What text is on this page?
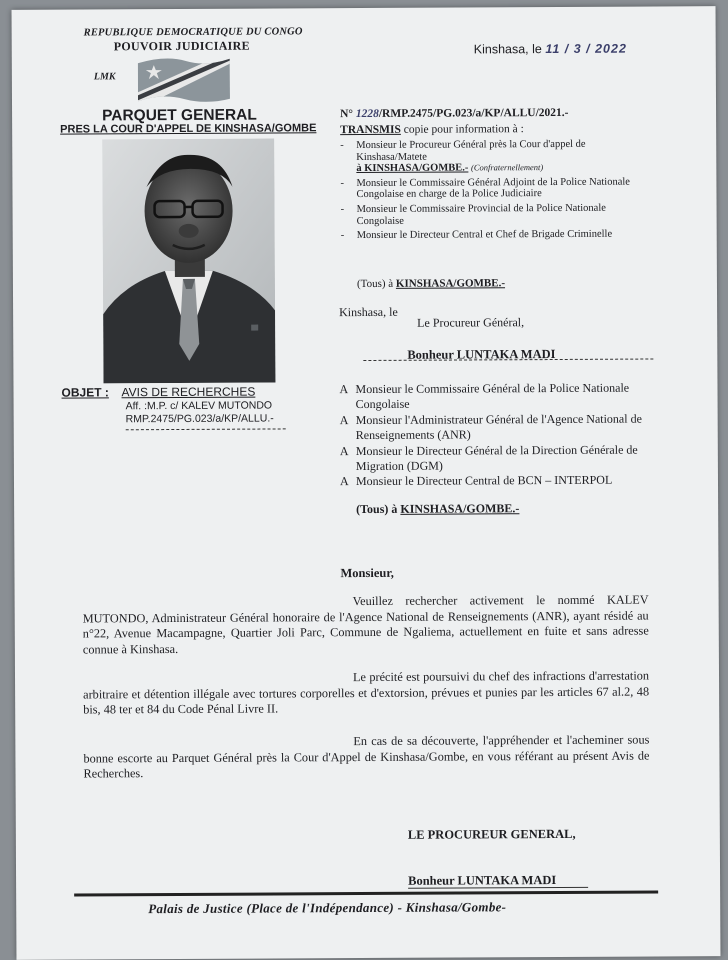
REPUBLIQUE DEMOCRATIQUE DU CONGO
POUVOIR JUDICIAIRE
LMK
Kinshasa, le 11 / 3 / 2022
PARQUET GENERAL
PRES LA COUR D'APPEL DE KINSHASA/GOMBE
N° 1228/RMP.2475/PG.023/a/KP/ALLU/2021.-
TRANSMIS copie pour information à :
- Monsieur le Procureur Général près la Cour d'appel de Kinshasa/Matete
à KINSHASA/GOMBE.- (Confraternellement)
- Monsieur le Commissaire Général Adjoint de la Police Nationale Congolaise en charge de la Police Judiciaire
- Monsieur le Commissaire Provincial de la Police Nationale Congolaise
- Monsieur le Directeur Central et Chef de Brigade Criminelle
(Tous) à KINSHASA/GOMBE.-
Kinshasa, le
Le Procureur Général,
Bonheur LUNTAKA MADI
OBJET : AVIS DE RECHERCHES
Aff. :M.P. c/ KALEV MUTONDO
RMP.2475/PG.023/a/KP/ALLU.-
A Monsieur le Commissaire Général de la Police Nationale Congolaise
A Monsieur l'Administrateur Général de l'Agence National de Renseignements (ANR)
A Monsieur le Directeur Général de la Direction Générale de Migration (DGM)
A Monsieur le Directeur Central de BCN – INTERPOL
(Tous) à KINSHASA/GOMBE.-
Monsieur,
Veuillez rechercher activement le nommé KALEV MUTONDO, Administrateur Général honoraire de l'Agence National de Renseignements (ANR), ayant résidé au n°22, Avenue Macampagne, Quartier Joli Parc, Commune de Ngaliema, actuellement en fuite et sans adresse connue à Kinshasa.
Le précité est poursuivi du chef des infractions d'arrestation arbitraire et détention illégale avec tortures corporelles et d'extorsion, prévues et punies par les articles 67 al.2, 48 bis, 48 ter et 84 du Code Pénal Livre II.
En cas de sa découverte, l'appréhender et l'acheminer sous bonne escorte au Parquet Général près la Cour d'Appel de Kinshasa/Gombe, en vous référant au présent Avis de Recherches.
LE PROCUREUR GENERAL,
Bonheur LUNTAKA MADI
Palais de Justice (Place de l'Indépendance) - Kinshasa/Gombe-
